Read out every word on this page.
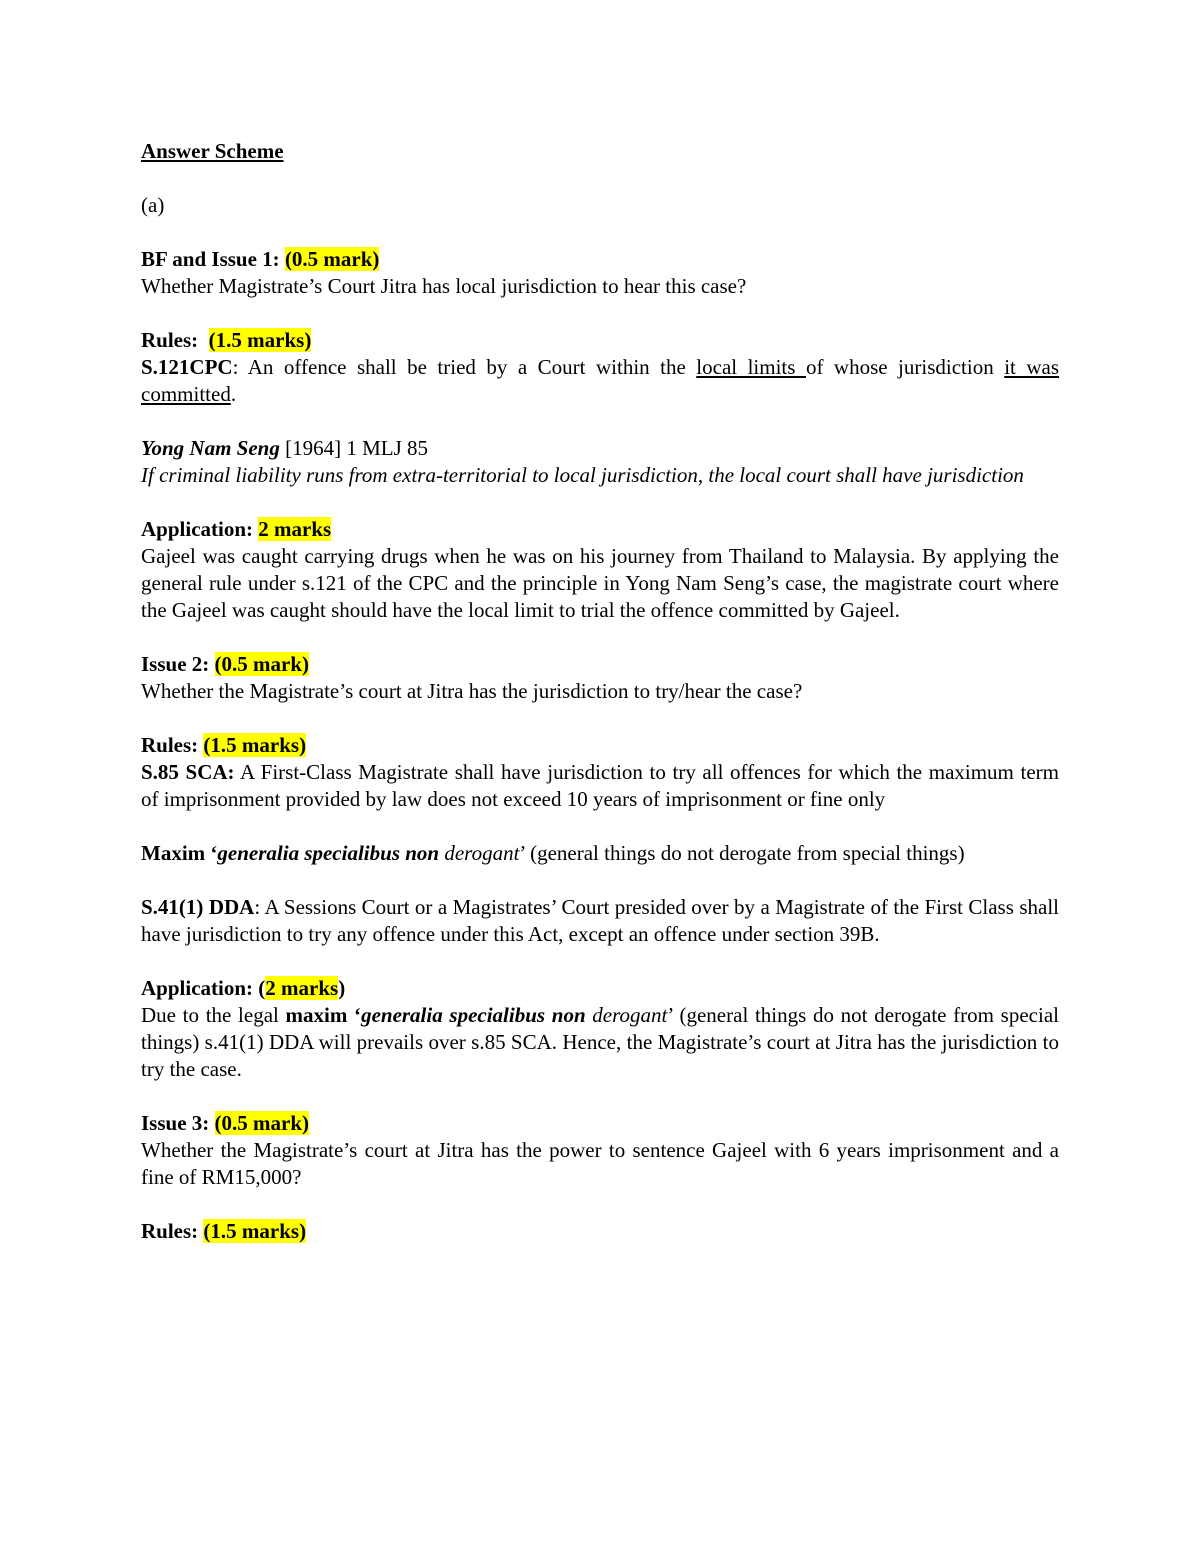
Answer Scheme

(a)

BF and Issue 1: (0.5 mark)
Whether Magistrate’s Court Jitra has local jurisdiction to hear this case?

Rules: (1.5 marks)
S.121CPC: An offence shall be tried by a Court within the local limits of whose jurisdiction it was committed.

Yong Nam Seng [1964] 1 MLJ 85
If criminal liability runs from extra-territorial to local jurisdiction, the local court shall have jurisdiction

Application: 2 marks
Gajeel was caught carrying drugs when he was on his journey from Thailand to Malaysia. By applying the general rule under s.121 of the CPC and the principle in Yong Nam Seng’s case, the magistrate court where the Gajeel was caught should have the local limit to trial the offence committed by Gajeel.

Issue 2: (0.5 mark)
Whether the Magistrate’s court at Jitra has the jurisdiction to try/hear the case?

Rules: (1.5 marks)
S.85 SCA: A First-Class Magistrate shall have jurisdiction to try all offences for which the maximum term of imprisonment provided by law does not exceed 10 years of imprisonment or fine only

Maxim ‘generalia specialibus non derogant’ (general things do not derogate from special things)

S.41(1) DDA: A Sessions Court or a Magistrates’ Court presided over by a Magistrate of the First Class shall have jurisdiction to try any offence under this Act, except an offence under section 39B.

Application: (2 marks)
Due to the legal maxim ‘generalia specialibus non derogant’ (general things do not derogate from special things) s.41(1) DDA will prevails over s.85 SCA. Hence, the Magistrate’s court at Jitra has the jurisdiction to try the case.

Issue 3: (0.5 mark)
Whether the Magistrate’s court at Jitra has the power to sentence Gajeel with 6 years imprisonment and a fine of RM15,000?

Rules: (1.5 marks)
